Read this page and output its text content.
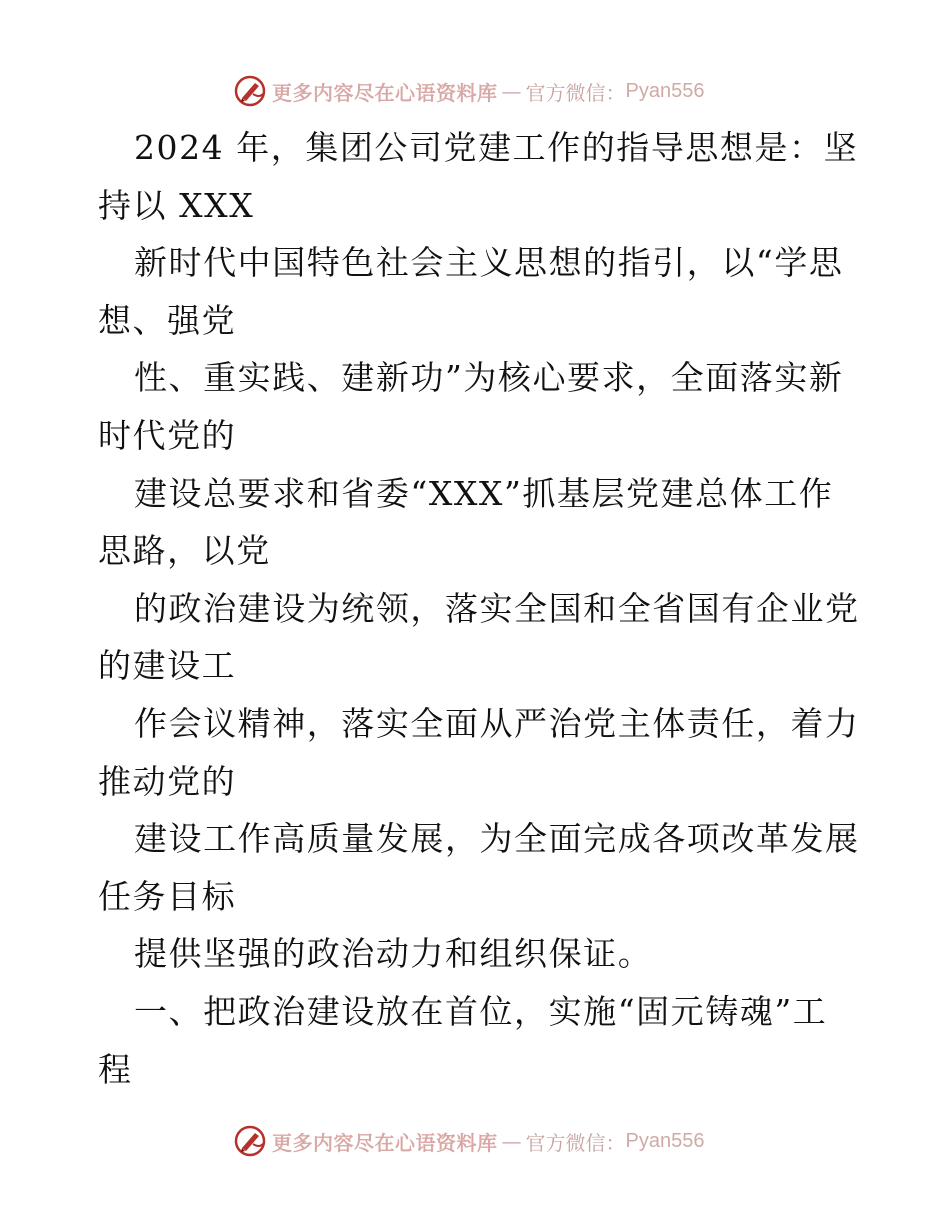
更多内容尽在心语资料库 — 官方微信： Pyan556
2024 年，集团公司党建工作的指导思想是：坚
持以 XXX
新时代中国特色社会主义思想的指引，以“学思
想、强党
性、重实践、建新功”为核心要求，全面落实新
时代党的
建设总要求和省委“XXX”抓基层党建总体工作
思路，以党
的政治建设为统领，落实全国和全省国有企业党
的建设工
作会议精神，落实全面从严治党主体责任，着力
推动党的
建设工作高质量发展，为全面完成各项改革发展
任务目标
提供坚强的政治动力和组织保证。
一、把政治建设放在首位，实施“固元铸魂”工
程
更多内容尽在心语资料库 — 官方微信： Pyan556
